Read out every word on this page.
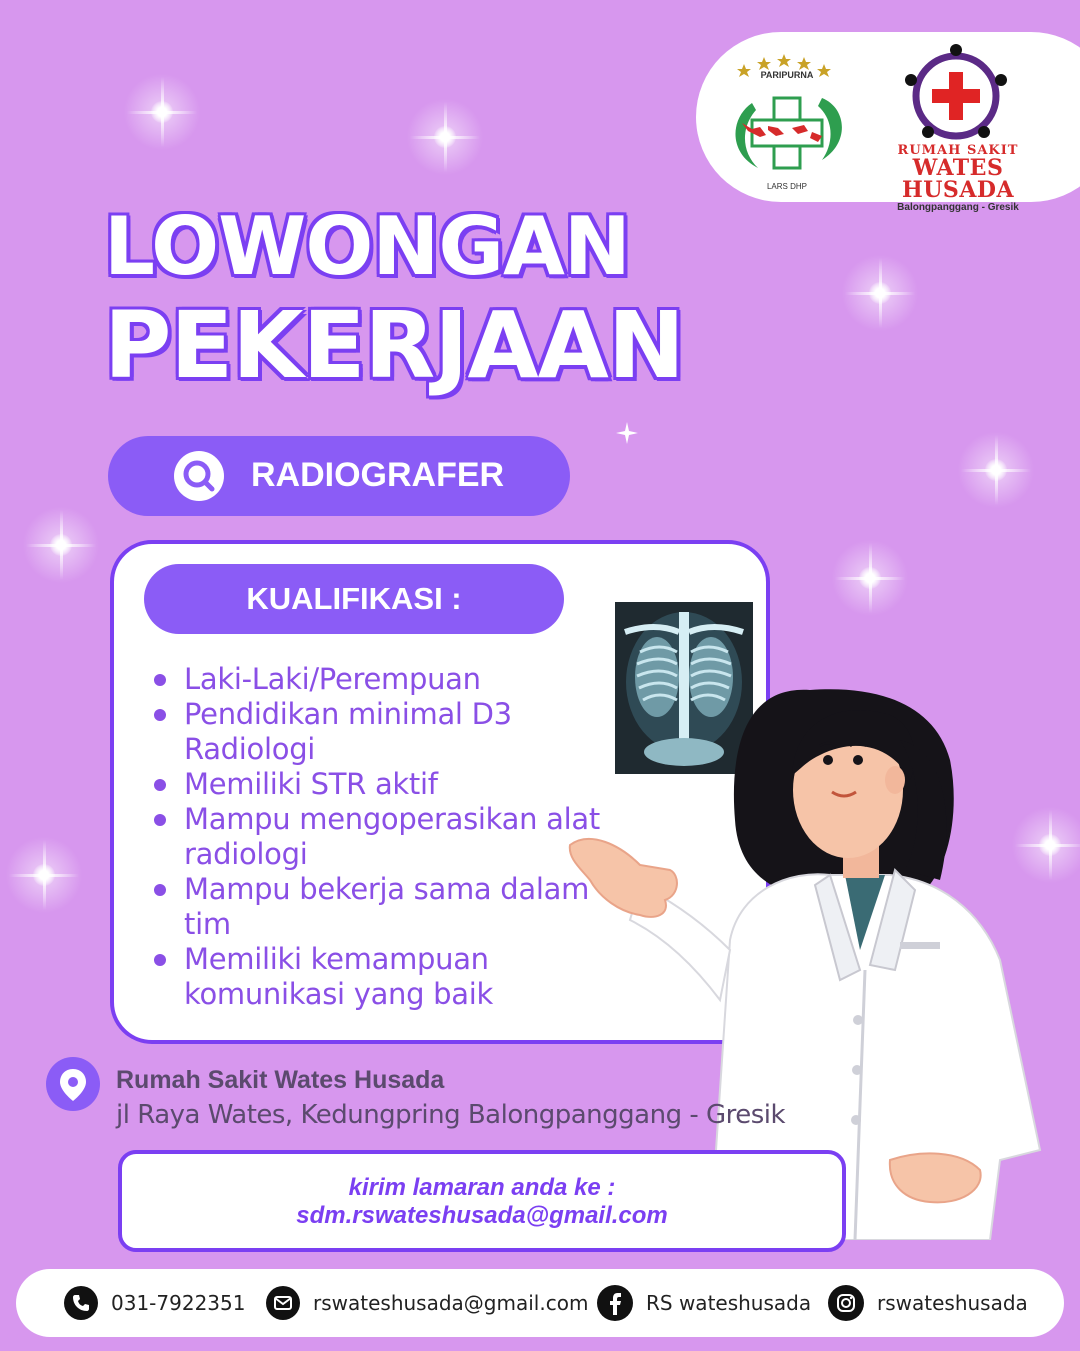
PARIPURNA
LARS DHP
RUMAH SAKIT
WATES HUSADA
Balongpanggang - Gresik
LOWONGAN
PEKERJAAN
RADIOGRAFER
KUALIFIKASI :
Laki-Laki/Perempuan
Pendidikan minimal D3 Radiologi
Memiliki STR aktif
Mampu mengoperasikan alat radiologi
Mampu bekerja sama dalam tim
Memiliki kemampuan komunikasi yang baik
Rumah Sakit Wates Husada
jl Raya Wates, Kedungpring Balongpanggang - Gresik
kirim lamaran anda ke :
sdm.rswateshusada@gmail.com
031-7922351	rswateshusada@gmail.com	RS wateshusada	rswateshusada
